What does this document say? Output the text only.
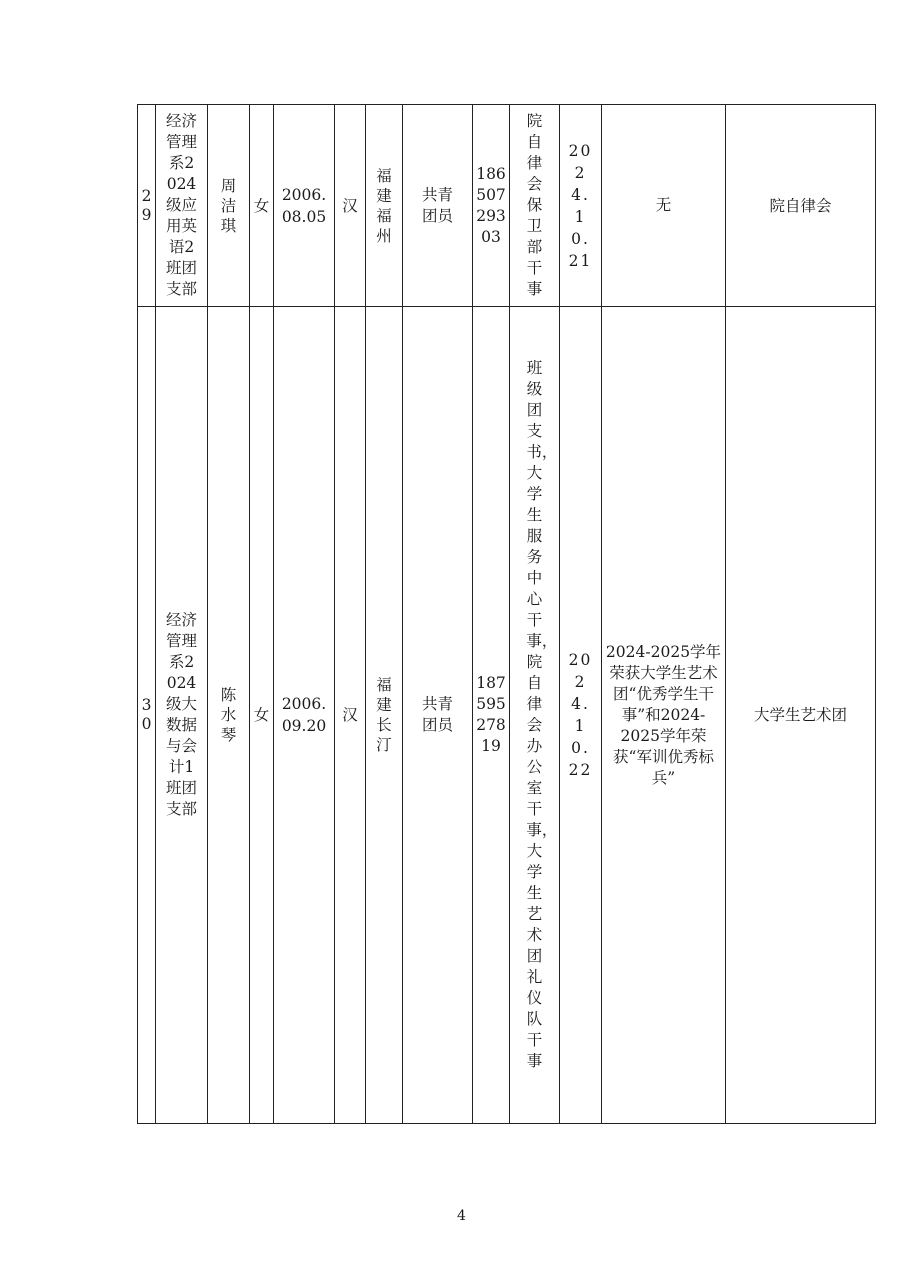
29	经济管理系2024级应用英语2班团支部	周洁琪	女	2006.08.05	汉	福建福州	共青团员	18650729303	院自律会保卫部干事	2024.10.21	无	院自律会
30	经济管理系2024级大数据与会计1班团支部	陈水琴	女	2006.09.20	汉	福建长汀	共青团员	18759527819	班级团支书，大学生服务中心干事，院自律会办公室干事，大学生艺术团礼仪队干事	2024.10.22	2024-2025学年荣获大学生艺术团“优秀学生干事”和2024-2025学年荣获“军训优秀标兵”	大学生艺术团
4
